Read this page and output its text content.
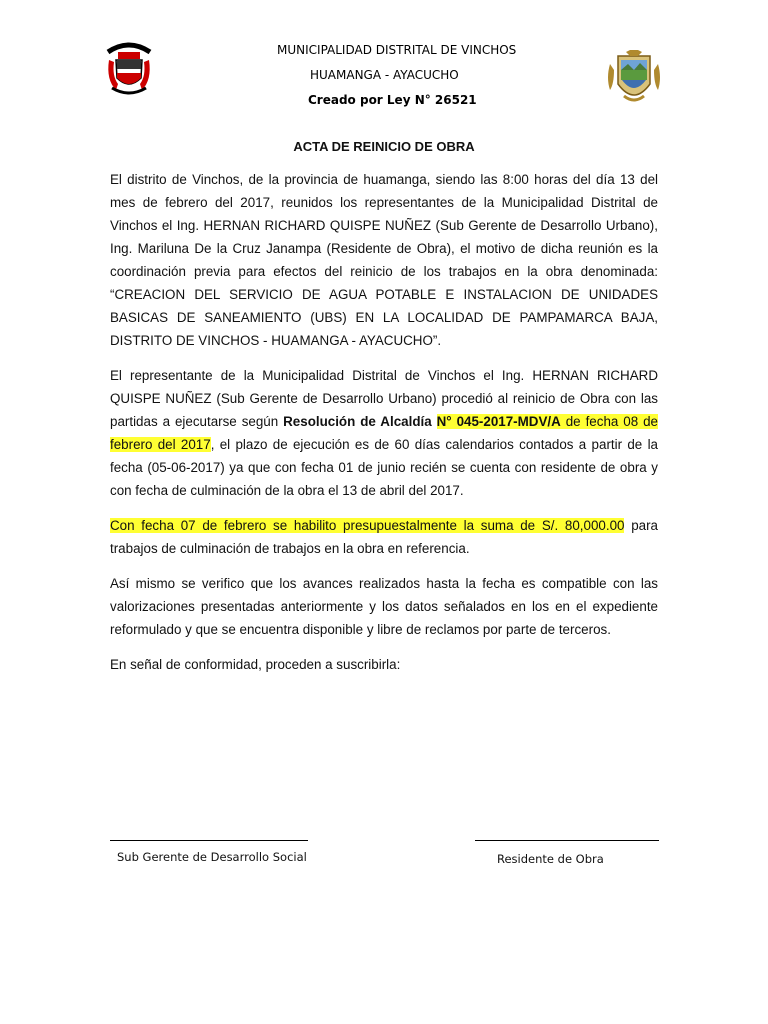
MUNICIPALIDAD DISTRITAL DE VINCHOS
HUAMANGA - AYACUCHO
Creado por Ley N° 26521
ACTA DE REINICIO DE OBRA

El distrito de Vinchos, de la provincia de huamanga, siendo las 8:00 horas del día 13 del mes de febrero del 2017, reunidos los representantes de la Municipalidad Distrital de Vinchos el Ing. HERNAN RICHARD QUISPE NUÑEZ (Sub Gerente de Desarrollo Urbano), Ing. Mariluna De la Cruz Janampa (Residente de Obra), el motivo de dicha reunión es la coordinación previa para efectos del reinicio de los trabajos en la obra denominada: “CREACION DEL SERVICIO DE AGUA POTABLE E INSTALACION DE UNIDADES BASICAS DE SANEAMIENTO (UBS) EN LA LOCALIDAD DE PAMPAMARCA BAJA, DISTRITO DE VINCHOS - HUAMANGA - AYACUCHO”.

El representante de la Municipalidad Distrital de Vinchos el Ing. HERNAN RICHARD QUISPE NUÑEZ (Sub Gerente de Desarrollo Urbano) procedió al reinicio de Obra con las partidas a ejecutarse según Resolución de Alcaldía N° 045-2017-MDV/A de fecha 08 de febrero del 2017, el plazo de ejecución es de 60 días calendarios contados a partir de la fecha (05-06-2017) ya que con fecha 01 de junio recién se cuenta con residente de obra y con fecha de culminación de la obra el 13 de abril del 2017.

Con fecha 07 de febrero se habilito presupuestalmente la suma de S/. 80,000.00 para trabajos de culminación de trabajos en la obra en referencia.

Así mismo se verifico que los avances realizados hasta la fecha es compatible con las valorizaciones presentadas anteriormente y los datos señalados en los en el expediente reformulado y que se encuentra disponible y libre de reclamos por parte de terceros.

En señal de conformidad, proceden a suscribirla:

Sub Gerente de Desarrollo Social	Residente de Obra
